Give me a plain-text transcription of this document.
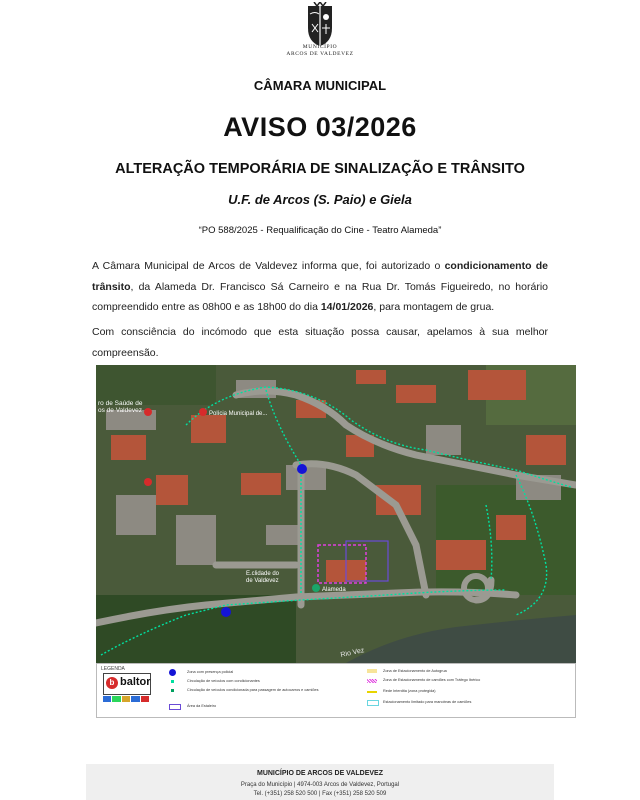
MUNICÍPIO
ARCOS DE VALDEVEZ
CÂMARA MUNICIPAL
AVISO 03/2026
ALTERAÇÃO TEMPORÁRIA DE SINALIZAÇÃO E TRÂNSITO
U.F. de Arcos (S. Paio) e Giela
“PO 588/2025 - Requalificação do Cine - Teatro Alameda”
A Câmara Municipal de Arcos de Valdevez informa que, foi autorizado o condicionamento de trânsito, da Alameda Dr. Francisco Sá Carneiro e na Rua Dr. Tomás Figueiredo, no horário compreendido entre as 08h00 e as 18h00 do dia 14/01/2026, para montagem de grua.
Com consciência do incómodo que esta situação possa causar, apelamos à sua melhor compreensão.
ro de Saúde de os de Valdevez	Polícia Municipal de...
E.clidade do de Valdevez
Alameda
Rio Vez
LEGENDA
b baltor
Zona com presença policial
Circulação de veículos com condicionantes
Circulação de veículos condicionada para passagem de autocarros e camiões
Área da Estaleiro
Zona de Estacionamento de Autogrua
Zona de Estacionamento de camiões com Tráfego Ibérico
Rede Interdita (zona protegida)
Estacionamento limitado para manobras de camiões
MUNICÍPIO DE ARCOS DE VALDEVEZ
Praça do Município | 4974-003 Arcos de Valdevez, Portugal
Tel. (+351) 258 520 500 | Fax (+351) 258 520 509
